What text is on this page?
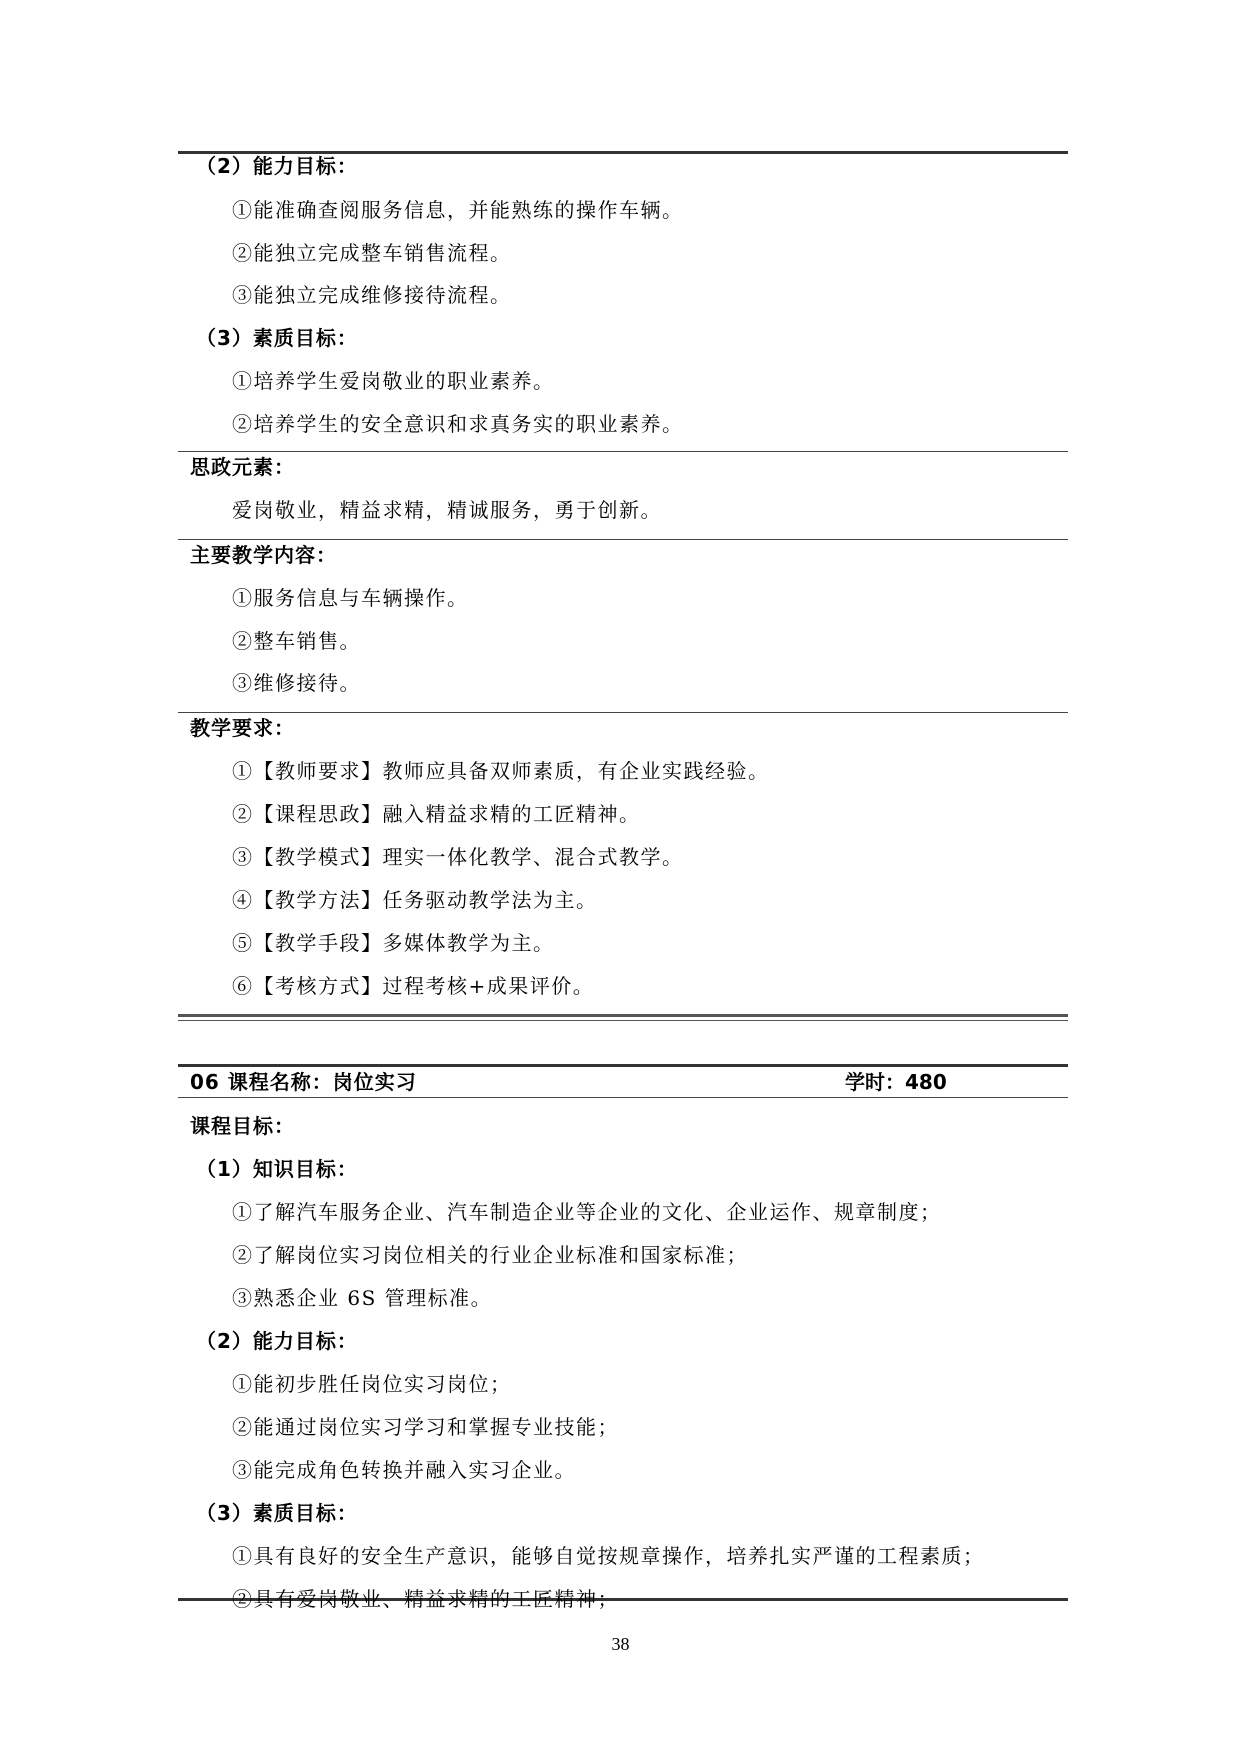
（2）能力目标：
①能准确查阅服务信息，并能熟练的操作车辆。
②能独立完成整车销售流程。
③能独立完成维修接待流程。
（3）素质目标：
①培养学生爱岗敬业的职业素养。
②培养学生的安全意识和求真务实的职业素养。
思政元素：
爱岗敬业，精益求精，精诚服务，勇于创新。
主要教学内容：
①服务信息与车辆操作。
②整车销售。
③维修接待。
教学要求：
①【教师要求】教师应具备双师素质，有企业实践经验。
②【课程思政】融入精益求精的工匠精神。
③【教学模式】理实一体化教学、混合式教学。
④【教学方法】任务驱动教学法为主。
⑤【教学手段】多媒体教学为主。
⑥【考核方式】过程考核+成果评价。
06 课程名称：岗位实习	学时：480
课程目标：
（1）知识目标：
①了解汽车服务企业、汽车制造企业等企业的文化、企业运作、规章制度；
②了解岗位实习岗位相关的行业企业标准和国家标准；
③熟悉企业 6S 管理标准。
（2）能力目标：
①能初步胜任岗位实习岗位；
②能通过岗位实习学习和掌握专业技能；
③能完成角色转换并融入实习企业。
（3）素质目标：
①具有良好的安全生产意识，能够自觉按规章操作，培养扎实严谨的工程素质；
②具有爱岗敬业、精益求精的工匠精神；
38
